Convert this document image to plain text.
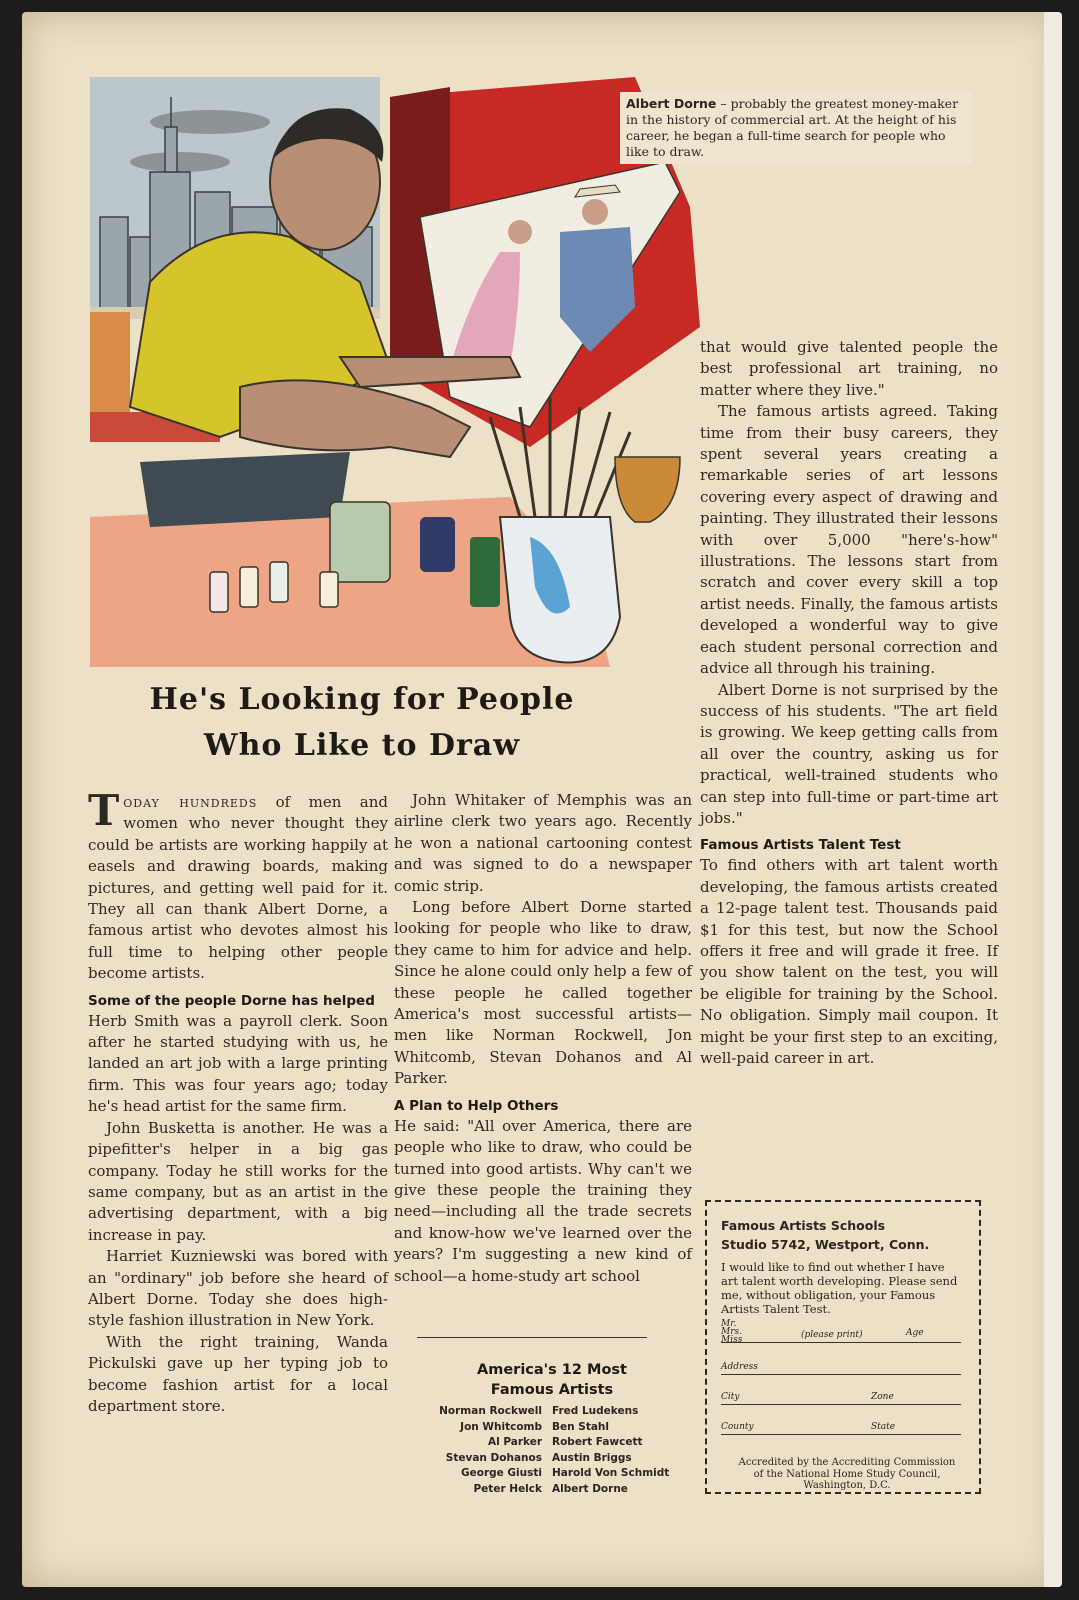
Albert Dorne – probably the greatest money-maker in the history of commercial art. At the height of his career, he began a full-time search for people who like to draw.
He's Looking for People
Who Like to Draw

Today hundreds of men and women who never thought they could be artists are working happily at easels and drawing boards, making pictures, and getting well paid for it. They all can thank Albert Dorne, a famous artist who devotes almost his full time to helping other people become artists.

Some of the people Dorne has helped

Herb Smith was a payroll clerk. Soon after he started studying with us, he landed an art job with a large printing firm. This was four years ago; today he's head artist for the same firm.

John Busketta is another. He was a pipefitter's helper in a big gas company. Today he still works for the same company, but as an artist in the advertising department, with a big increase in pay.

Harriet Kuzniewski was bored with an "ordinary" job before she heard of Albert Dorne. Today she does high-style fashion illustration in New York.

With the right training, Wanda Pickulski gave up her typing job to become fashion artist for a local department store.

John Whitaker of Memphis was an airline clerk two years ago. Recently he won a national cartooning contest and was signed to do a newspaper comic strip.

Long before Albert Dorne started looking for people who like to draw, they came to him for advice and help. Since he alone could only help a few of these people he called together America's most successful artists—men like Norman Rockwell, Jon Whitcomb, Stevan Dohanos and Al Parker.

A Plan to Help Others

He said: "All over America, there are people who like to draw, who could be turned into good artists. Why can't we give these people the training they need—including all the trade secrets and know-how we've learned over the years? I'm suggesting a new kind of school—a home-study art school

America's 12 Most
Famous Artists
Norman Rockwell
Jon Whitcomb
Al Parker
Stevan Dohanos
George Giusti
Peter Helck
Fred Ludekens
Ben Stahl
Robert Fawcett
Austin Briggs
Harold Von Schmidt
Albert Dorne

that would give talented people the best professional art training, no matter where they live."

The famous artists agreed. Taking time from their busy careers, they spent several years creating a remarkable series of art lessons covering every aspect of drawing and painting. They illustrated their lessons with over 5,000 "here's-how" illustrations. The lessons start from scratch and cover every skill a top artist needs. Finally, the famous artists developed a wonderful way to give each student personal correction and advice all through his training.

Albert Dorne is not surprised by the success of his students. "The art field is growing. We keep getting calls from all over the country, asking us for practical, well-trained students who can step into full-time or part-time art jobs."

Famous Artists Talent Test

To find others with art talent worth developing, the famous artists created a 12-page talent test. Thousands paid $1 for this test, but now the School offers it free and will grade it free. If you show talent on the test, you will be eligible for training by the School. No obligation. Simply mail coupon. It might be your first step to an exciting, well-paid career in art.

Famous Artists Schools
Studio 5742, Westport, Conn.
I would like to find out whether I have art talent worth developing. Please send me, without obligation, your Famous Artists Talent Test.
Mr. Mrs. Miss	(please print)	Age
Address
City	Zone
County	State
Accredited by the Accrediting Commission of the National Home Study Council, Washington, D.C.
